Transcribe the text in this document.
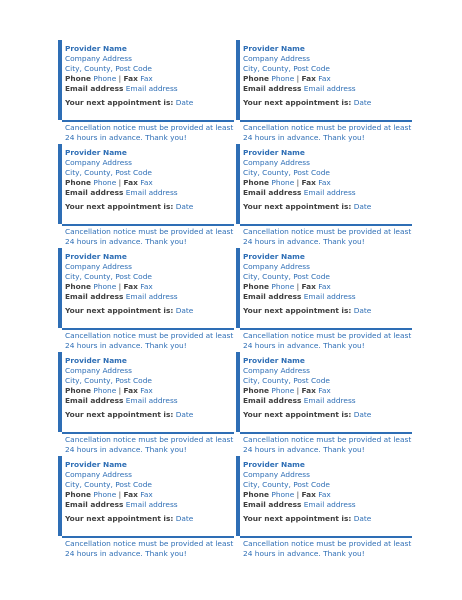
Provider Name
Company Address
City, County, Post Code
Phone Phone | Fax Fax
Email address Email address
Your next appointment is: Date
Cancellation notice must be provided at least 24 hours in advance. Thank you!
Provider Name
Company Address
City, County, Post Code
Phone Phone | Fax Fax
Email address Email address
Your next appointment is: Date
Cancellation notice must be provided at least 24 hours in advance. Thank you!
Provider Name
Company Address
City, County, Post Code
Phone Phone | Fax Fax
Email address Email address
Your next appointment is: Date
Cancellation notice must be provided at least 24 hours in advance. Thank you!
Provider Name
Company Address
City, County, Post Code
Phone Phone | Fax Fax
Email address Email address
Your next appointment is: Date
Cancellation notice must be provided at least 24 hours in advance. Thank you!
Provider Name
Company Address
City, County, Post Code
Phone Phone | Fax Fax
Email address Email address
Your next appointment is: Date
Cancellation notice must be provided at least 24 hours in advance. Thank you!
Provider Name
Company Address
City, County, Post Code
Phone Phone | Fax Fax
Email address Email address
Your next appointment is: Date
Cancellation notice must be provided at least 24 hours in advance. Thank you!
Provider Name
Company Address
City, County, Post Code
Phone Phone | Fax Fax
Email address Email address
Your next appointment is: Date
Cancellation notice must be provided at least 24 hours in advance. Thank you!
Provider Name
Company Address
City, County, Post Code
Phone Phone | Fax Fax
Email address Email address
Your next appointment is: Date
Cancellation notice must be provided at least 24 hours in advance. Thank you!
Provider Name
Company Address
City, County, Post Code
Phone Phone | Fax Fax
Email address Email address
Your next appointment is: Date
Cancellation notice must be provided at least 24 hours in advance. Thank you!
Provider Name
Company Address
City, County, Post Code
Phone Phone | Fax Fax
Email address Email address
Your next appointment is: Date
Cancellation notice must be provided at least 24 hours in advance. Thank you!
